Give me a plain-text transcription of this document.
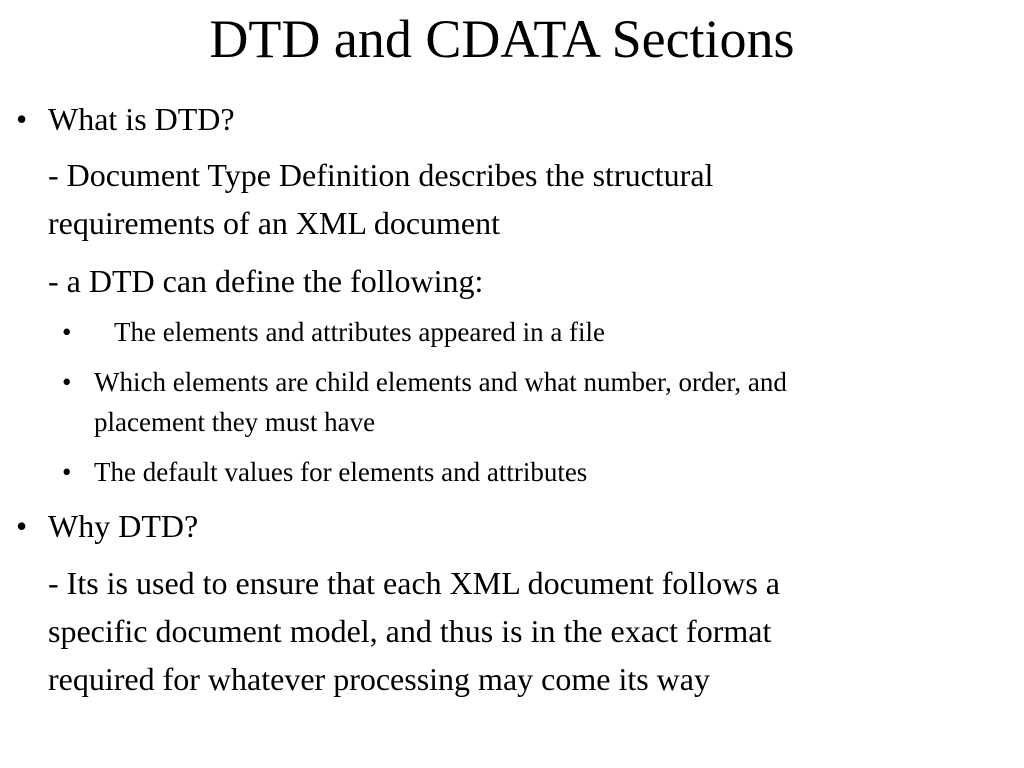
DTD and CDATA Sections
• What is DTD?
- Document Type Definition describes the structural
requirements of an XML document
- a DTD can define the following:
• The elements and attributes appeared in a file
• Which elements are child elements and what number, order, and
placement they must have
• The default values for elements and attributes
• Why DTD?
- Its is used to ensure that each XML document follows a
specific document model, and thus is in the exact format
required for whatever processing may come its way
